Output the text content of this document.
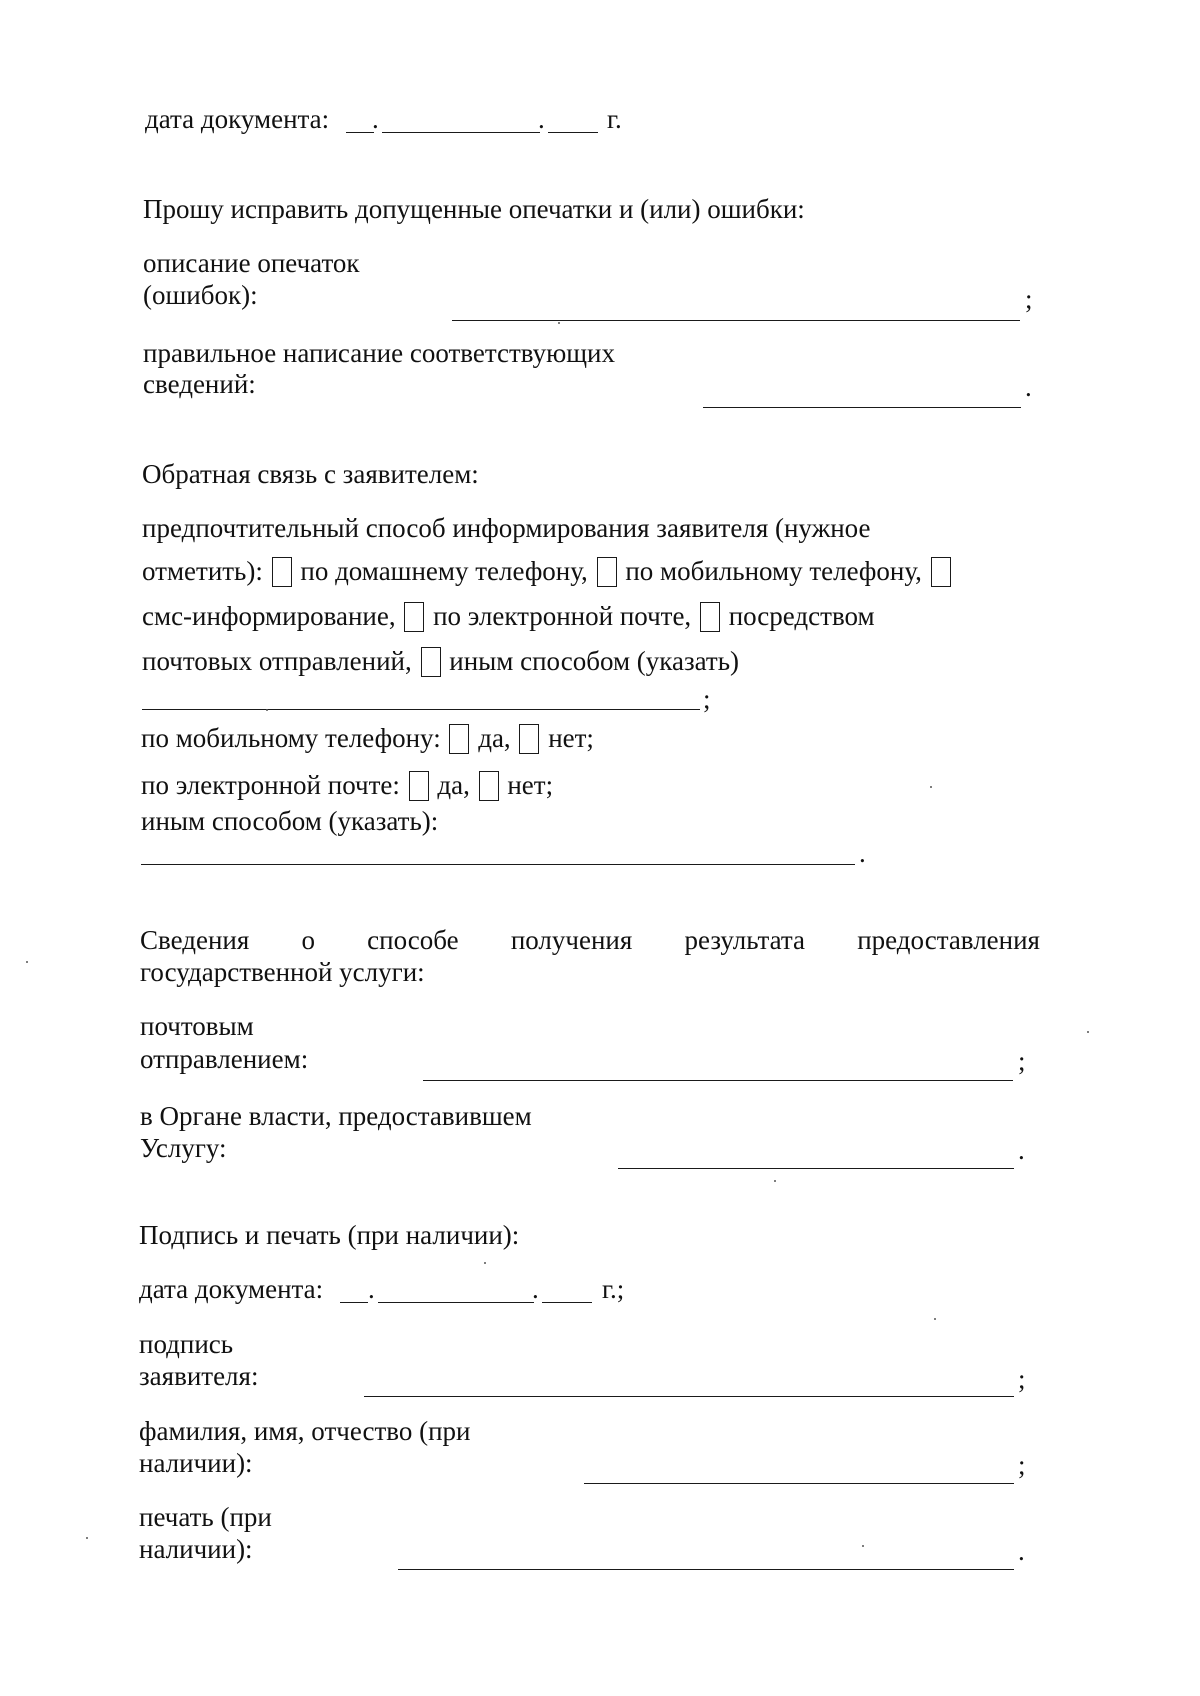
дата документа: .	. г.
Прошу исправить допущенные опечатки и (или) ошибки:
описание опечаток
(ошибок):	;
правильное написание соответствующих
сведений:	.
Обратная связь с заявителем:
предпочтительный способ информирования заявителя (нужное
отметить): по домашнему телефону, по мобильному телефону,
смс-информирование, по электронной почте, посредством
почтовых отправлений, иным способом (указать)
;
по мобильному телефону: да, нет;
по электронной почте: да, нет;
иным способом (указать):
.
Сведения о способе получения результата предоставления
государственной услуги:
почтовым
отправлением:	;
в Органе власти, предоставившем
Услугу:	.
Подпись и печать (при наличии):
дата документа: .	. г.;
подпись
заявителя:	;
фамилия, имя, отчество (при
наличии):	;
печать (при
наличии):	.
